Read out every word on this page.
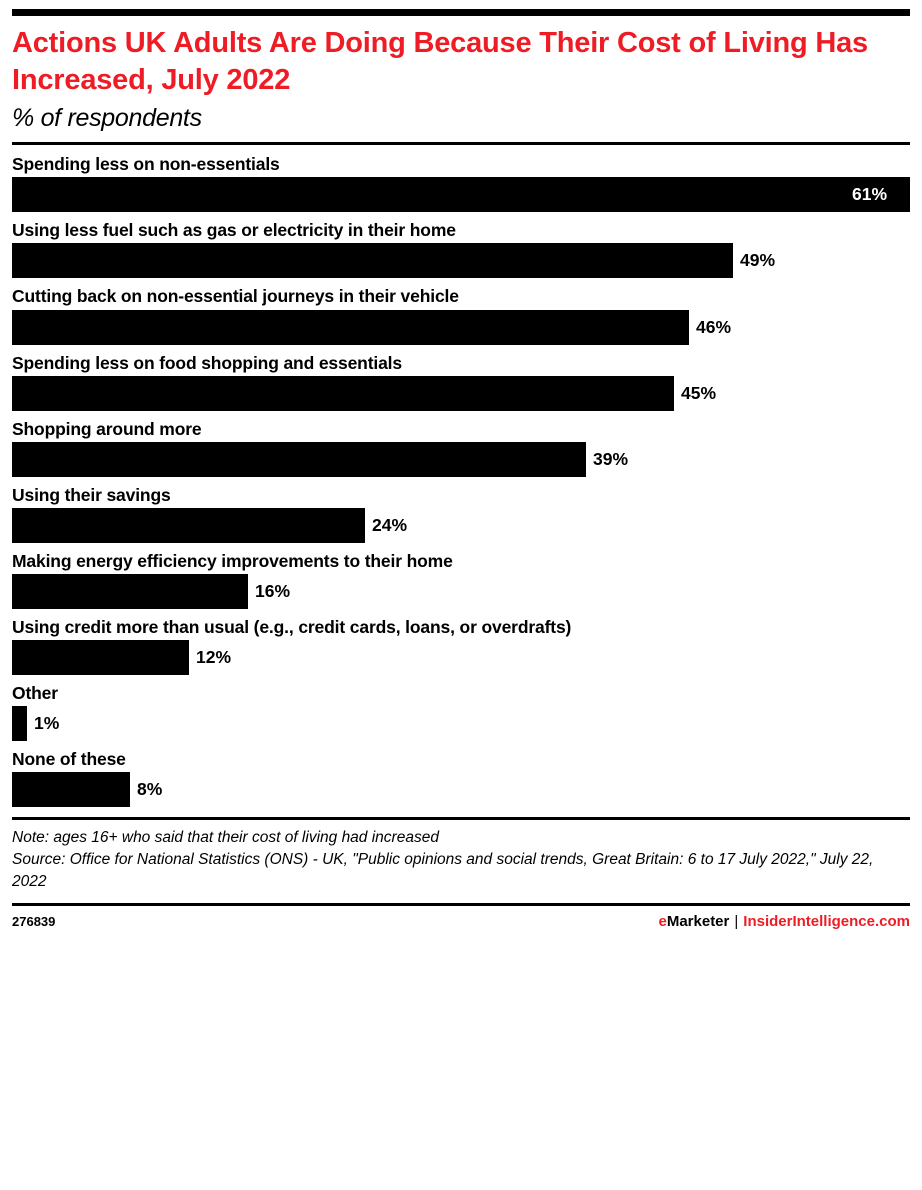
Actions UK Adults Are Doing Because Their Cost of Living Has Increased, July 2022
% of respondents
Spending less on non-essentials
61%
Using less fuel such as gas or electricity in their home
49%
Cutting back on non-essential journeys in their vehicle
46%
Spending less on food shopping and essentials
45%
Shopping around more
39%
Using their savings
24%
Making energy efficiency improvements to their home
16%
Using credit more than usual (e.g., credit cards, loans, or overdrafts)
12%
Other
1%
None of these
8%
Note: ages 16+ who said that their cost of living had increased
Source: Office for National Statistics (ONS) - UK, "Public opinions and social trends, Great Britain: 6 to 17 July 2022," July 22, 2022
276839	eMarketer | InsiderIntelligence.com
